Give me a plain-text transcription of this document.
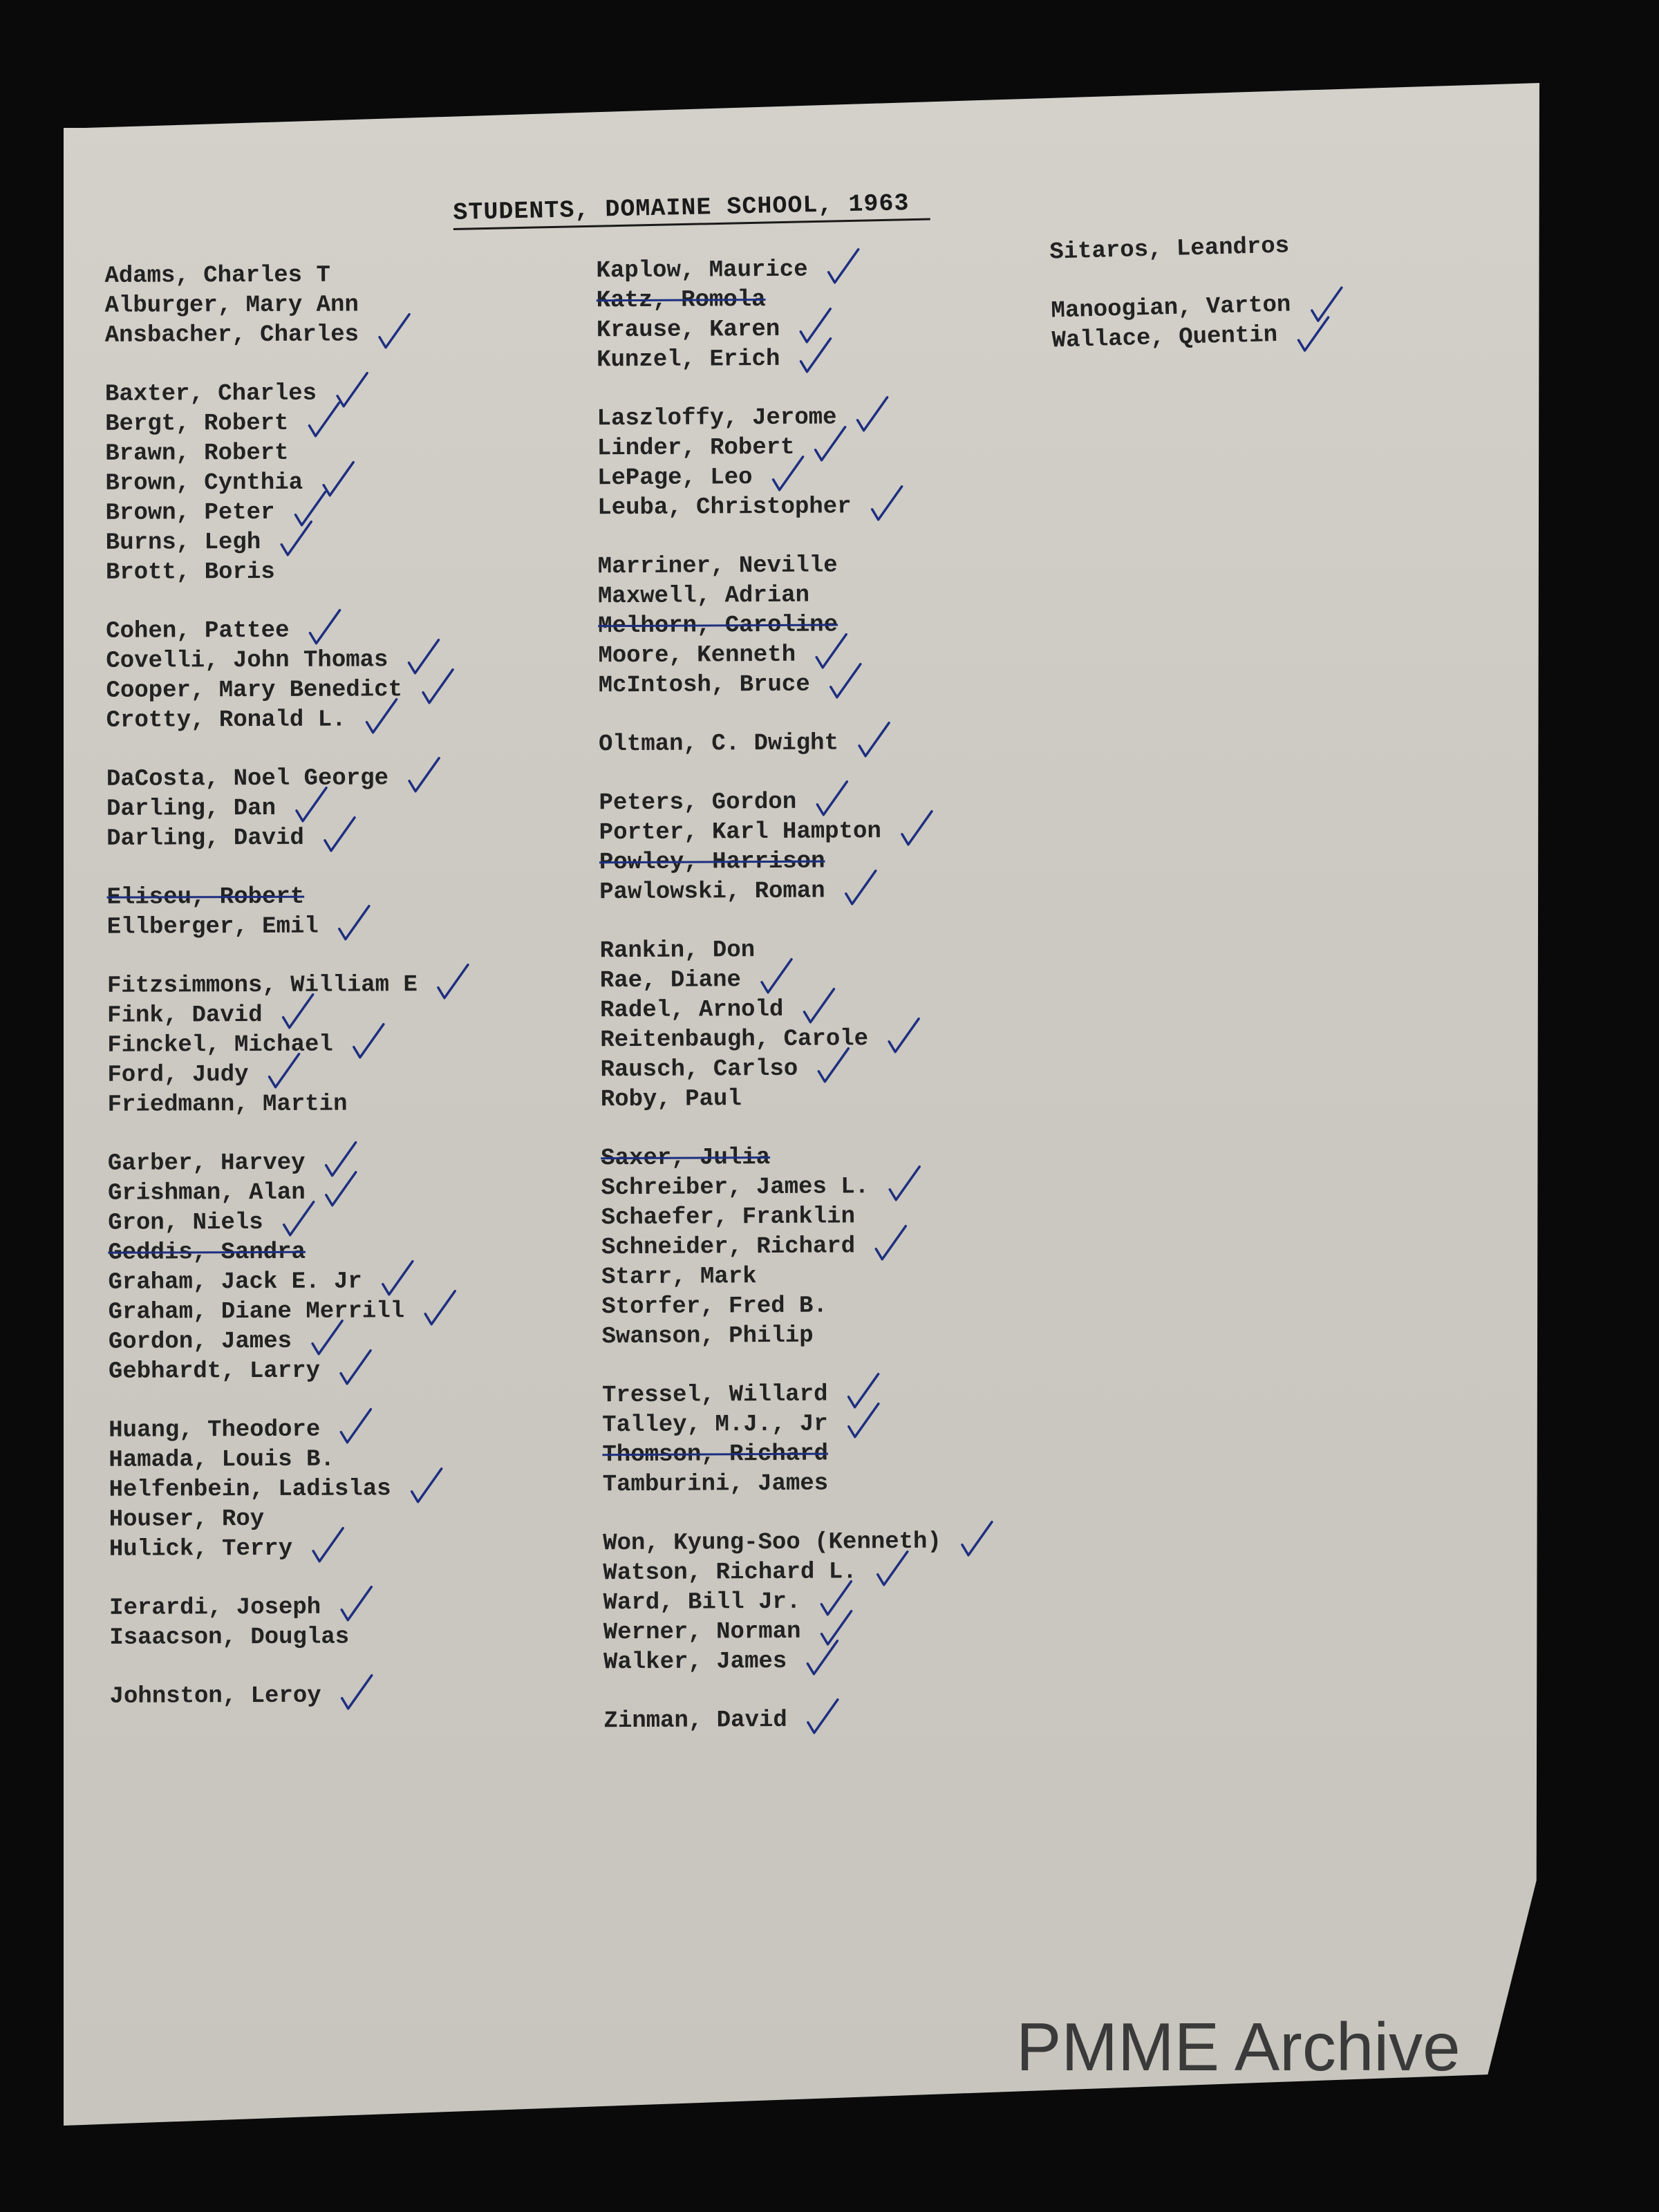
STUDENTS, DOMAINE SCHOOL, 1963
Adams, Charles T
Alburger, Mary Ann
Ansbacher, Charles
Baxter, Charles
Bergt, Robert
Brawn, Robert
Brown, Cynthia
Brown, Peter
Burns, Legh
Brott, Boris
Cohen, Pattee
Covelli, John Thomas
Cooper, Mary Benedict
Crotty, Ronald L.
DaCosta, Noel George
Darling, Dan
Darling, David
Eliseu, Robert
Ellberger, Emil
Fitzsimmons, William E
Fink, David
Finckel, Michael
Ford, Judy
Friedmann, Martin
Garber, Harvey
Grishman, Alan
Gron, Niels
Geddis, Sandra
Graham, Jack E. Jr
Graham, Diane Merrill
Gordon, James
Gebhardt, Larry
Huang, Theodore
Hamada, Louis B.
Helfenbein, Ladislas
Houser, Roy
Hulick, Terry
Ierardi, Joseph
Isaacson, Douglas
Johnston, Leroy
Kaplow, Maurice
Katz, Romola
Krause, Karen
Kunzel, Erich
Laszloffy, Jerome
Linder, Robert
LePage, Leo
Leuba, Christopher
Marriner, Neville
Maxwell, Adrian
Melhorn, Caroline
Moore, Kenneth
McIntosh, Bruce
Oltman, C. Dwight
Peters, Gordon
Porter, Karl Hampton
Powley, Harrison
Pawlowski, Roman
Rankin, Don
Rae, Diane
Radel, Arnold
Reitenbaugh, Carole
Rausch, Carlso
Roby, Paul
Saxer, Julia
Schreiber, James L.
Schaefer, Franklin
Schneider, Richard
Starr, Mark
Storfer, Fred B.
Swanson, Philip
Tressel, Willard
Talley, M.J., Jr
Thomson, Richard
Tamburini, James
Won, Kyung-Soo (Kenneth)
Watson, Richard L.
Ward, Bill Jr.
Werner, Norman
Walker, James
Zinman, David
Sitaros, Leandros
Manoogian, Varton
Wallace, Quentin
PMME Archive
